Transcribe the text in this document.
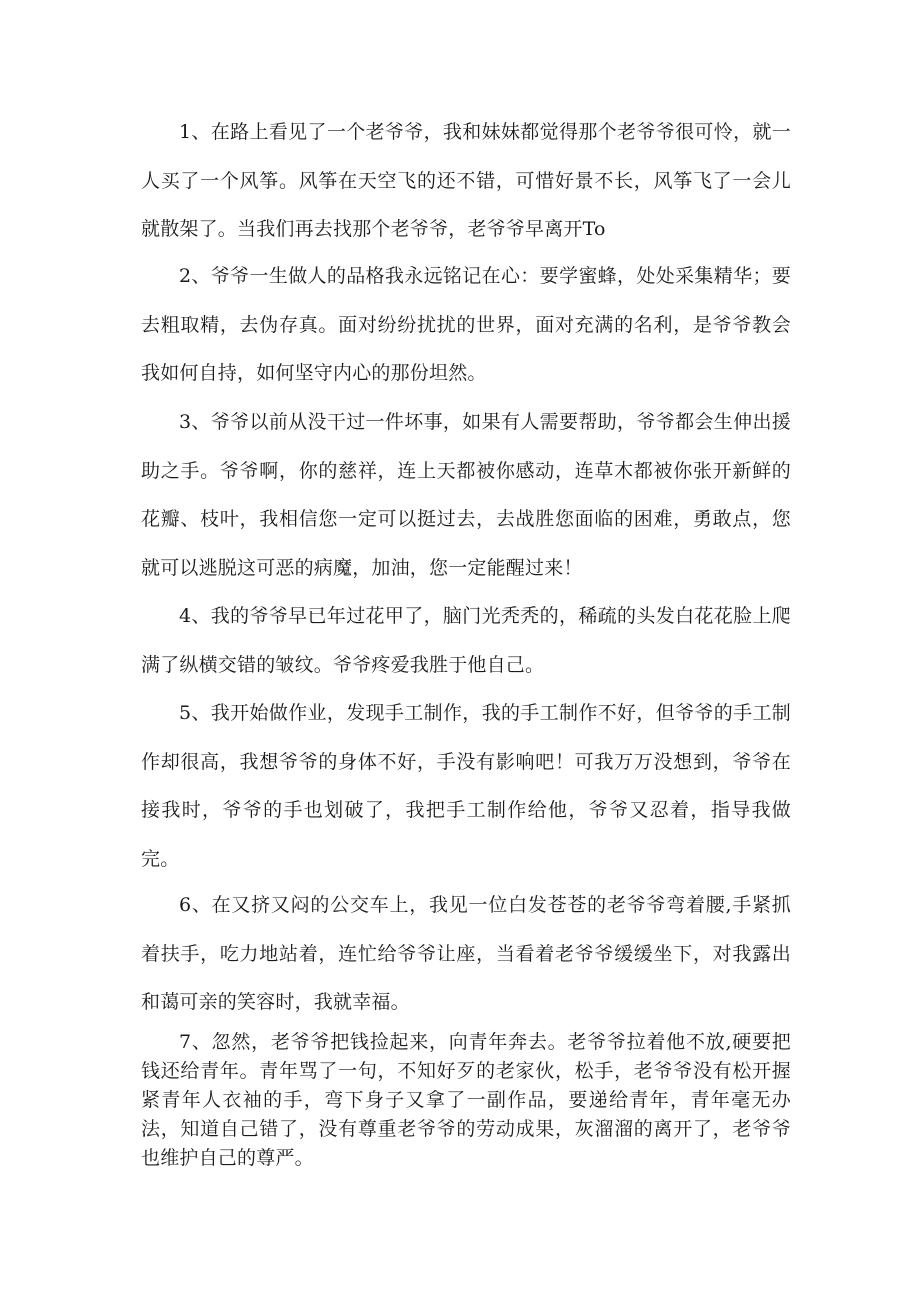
1、在路上看见了一个老爷爷，我和妹妹都觉得那个老爷爷很可怜，就一人买了一个风筝。风筝在天空飞的还不错，可惜好景不长，风筝飞了一会儿就散架了。当我们再去找那个老爷爷，老爷爷早离开To

2、爷爷一生做人的品格我永远铭记在心：要学蜜蜂，处处采集精华；要去粗取精，去伪存真。面对纷纷扰扰的世界，面对充满的名利，是爷爷教会我如何自持，如何坚守内心的那份坦然。

3、爷爷以前从没干过一件坏事，如果有人需要帮助，爷爷都会生伸出援助之手。爷爷啊，你的慈祥，连上天都被你感动，连草木都被你张开新鲜的花瓣、枝叶，我相信您一定可以挺过去，去战胜您面临的困难，勇敢点，您就可以逃脱这可恶的病魔，加油，您一定能醒过来！

4、我的爷爷早已年过花甲了，脑门光秃秃的，稀疏的头发白花花脸上爬满了纵横交错的皱纹。爷爷疼爱我胜于他自己。

5、我开始做作业，发现手工制作，我的手工制作不好，但爷爷的手工制作却很高，我想爷爷的身体不好，手没有影响吧！可我万万没想到，爷爷在接我时，爷爷的手也划破了，我把手工制作给他，爷爷又忍着，指导我做完。

6、在又挤又闷的公交车上，我见一位白发苍苍的老爷爷弯着腰,手紧抓着扶手，吃力地站着，连忙给爷爷让座，当看着老爷爷缓缓坐下，对我露出和蔼可亲的笑容时，我就幸福。

7、忽然，老爷爷把钱捡起来，向青年奔去。老爷爷拉着他不放,硬要把钱还给青年。青年骂了一句，不知好歹的老家伙，松手，老爷爷没有松开握紧青年人衣袖的手，弯下身子又拿了一副作品，要递给青年，青年毫无办法，知道自己错了，没有尊重老爷爷的劳动成果，灰溜溜的离开了，老爷爷也维护自己的尊严。
